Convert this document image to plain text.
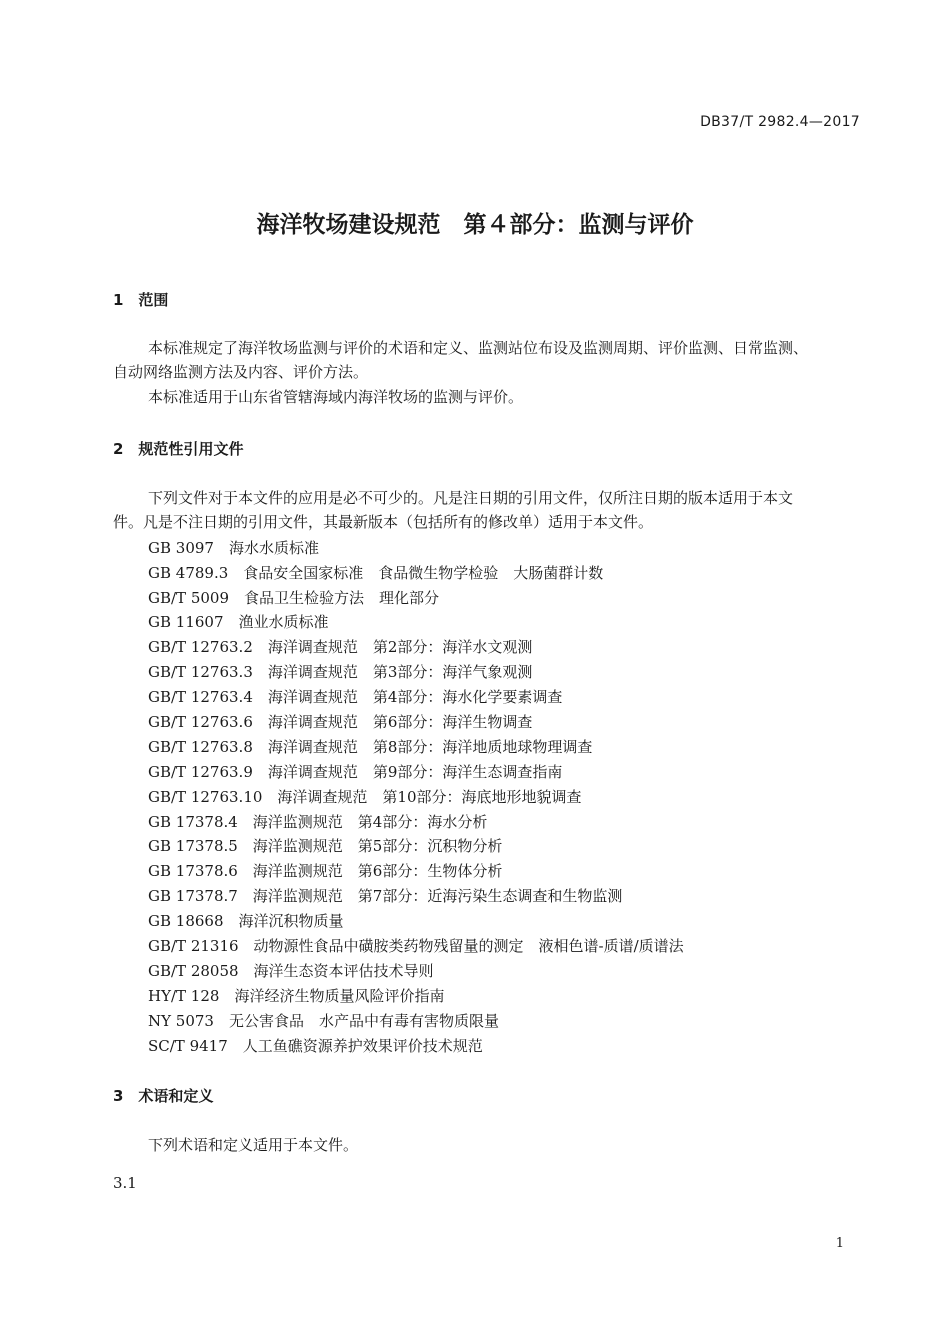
DB37/T 2982.4—2017
海洋牧场建设规范　第４部分：监测与评价
1　范围
本标准规定了海洋牧场监测与评价的术语和定义、监测站位布设及监测周期、评价监测、日常监测、
自动网络监测方法及内容、评价方法。
本标准适用于山东省管辖海域内海洋牧场的监测与评价。
2　规范性引用文件
下列文件对于本文件的应用是必不可少的。凡是注日期的引用文件，仅所注日期的版本适用于本文
件。凡是不注日期的引用文件，其最新版本（包括所有的修改单）适用于本文件。
GB 3097　海水水质标准
GB 4789.3　食品安全国家标准　食品微生物学检验　大肠菌群计数
GB/T 5009　食品卫生检验方法　理化部分
GB 11607　渔业水质标准
GB/T 12763.2　海洋调查规范　第2部分：海洋水文观测
GB/T 12763.3　海洋调查规范　第3部分：海洋气象观测
GB/T 12763.4　海洋调查规范　第4部分：海水化学要素调查
GB/T 12763.6　海洋调查规范　第6部分：海洋生物调查
GB/T 12763.8　海洋调查规范　第8部分：海洋地质地球物理调查
GB/T 12763.9　海洋调查规范　第9部分：海洋生态调查指南
GB/T 12763.10　海洋调查规范　第10部分：海底地形地貌调查
GB 17378.4　海洋监测规范　第4部分：海水分析
GB 17378.5　海洋监测规范　第5部分：沉积物分析
GB 17378.6　海洋监测规范　第6部分：生物体分析
GB 17378.7　海洋监测规范　第7部分：近海污染生态调查和生物监测
GB 18668　海洋沉积物质量
GB/T 21316　动物源性食品中磺胺类药物残留量的测定　液相色谱-质谱/质谱法
GB/T 28058　海洋生态资本评估技术导则
HY/T 128　海洋经济生物质量风险评价指南
NY 5073　无公害食品　水产品中有毒有害物质限量
SC/T 9417　人工鱼礁资源养护效果评价技术规范
3　术语和定义
下列术语和定义适用于本文件。
3.1
1
